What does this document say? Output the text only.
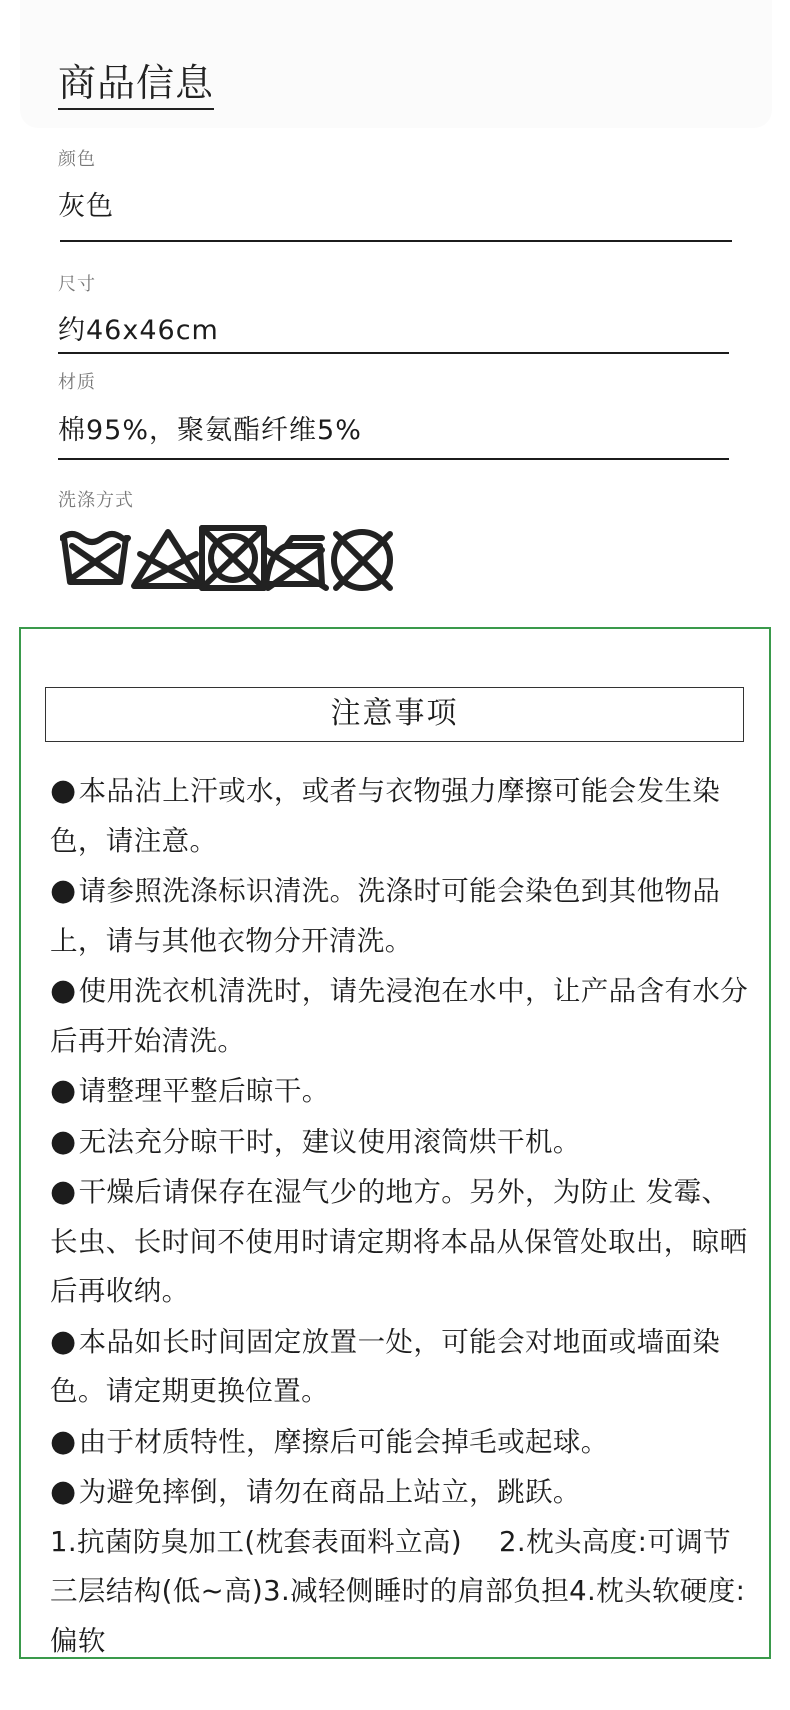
商品信息
颜色
灰色
尺寸
约46x46cm
材质
棉95%，聚氨酯纤维5%
洗涤方式
注意事项
●本品沾上汗或水，或者与衣物强力摩擦可能会发生染色，请注意。
●请参照洗涤标识清洗。洗涤时可能会染色到其他物品上，请与其他衣物分开清洗。
●使用洗衣机清洗时，请先浸泡在水中，让产品含有水分后再开始清洗。
●请整理平整后晾干。
●无法充分晾干时，建议使用滚筒烘干机。
●干燥后请保存在湿气少的地方。另外，为防止 发霉、长虫、长时间不使用时请定期将本品从保管处取出，晾晒后再收纳。
●本品如长时间固定放置一处，可能会对地面或墙面染色。请定期更换位置。
●由于材质特性，摩擦后可能会掉毛或起球。
●为避免摔倒，请勿在商品上站立，跳跃。
1.抗菌防臭加工(枕套表面料立高)　 2.枕头高度:可调节三层结构(低~高)3.减轻侧睡时的肩部负担4.枕头软硬度: 偏软
